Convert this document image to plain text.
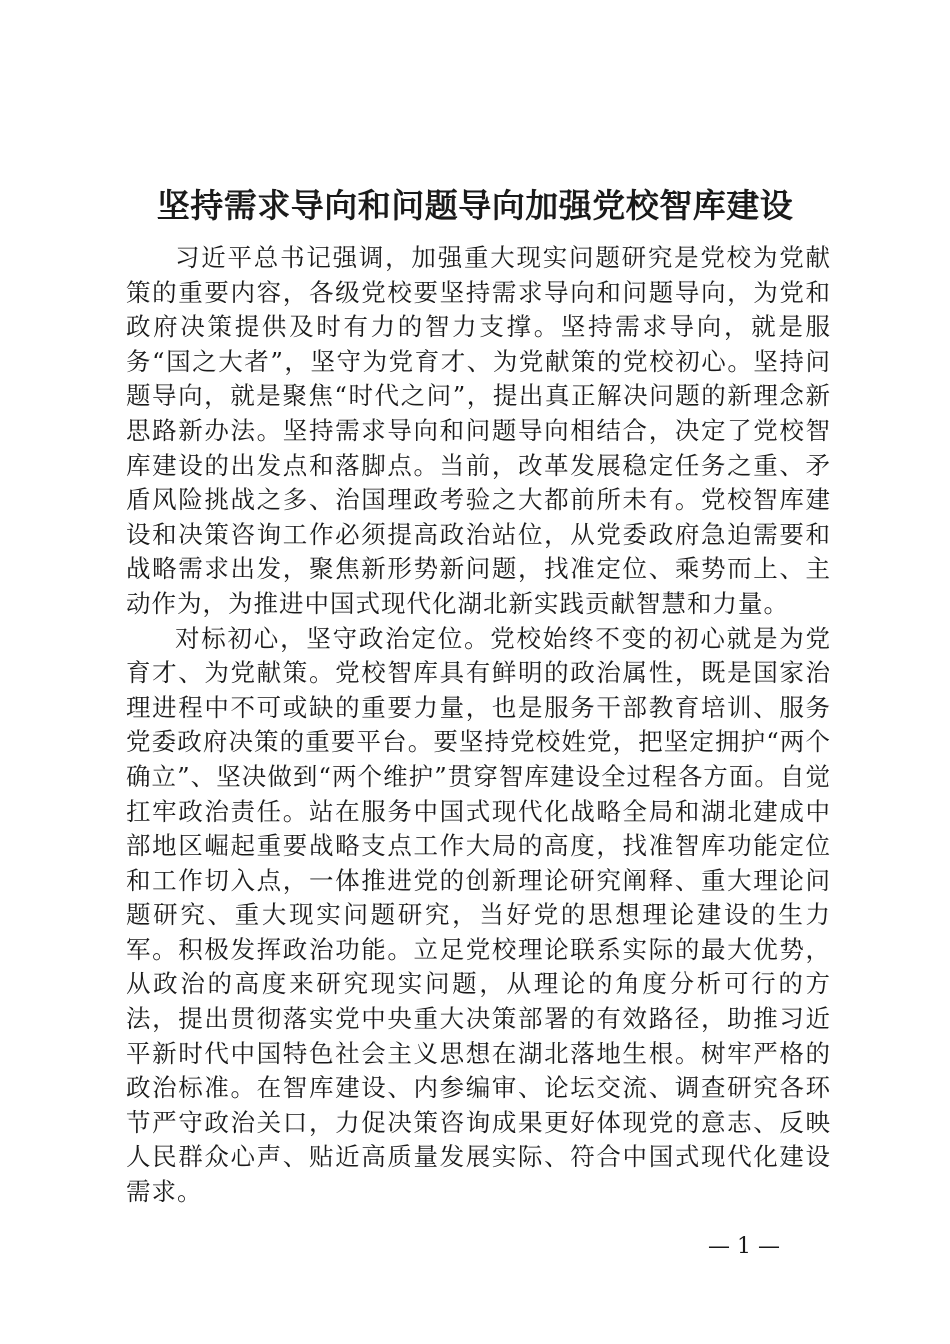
坚持需求导向和问题导向加强党校智库建设

习近平总书记强调，加强重大现实问题研究是党校为党献策的重要内容，各级党校要坚持需求导向和问题导向，为党和政府决策提供及时有力的智力支撑。坚持需求导向，就是服务“国之大者”，坚守为党育才、为党献策的党校初心。坚持问题导向，就是聚焦“时代之问”，提出真正解决问题的新理念新思路新办法。坚持需求导向和问题导向相结合，决定了党校智库建设的出发点和落脚点。当前，改革发展稳定任务之重、矛盾风险挑战之多、治国理政考验之大都前所未有。党校智库建设和决策咨询工作必须提高政治站位，从党委政府急迫需要和战略需求出发，聚焦新形势新问题，找准定位、乘势而上、主动作为，为推进中国式现代化湖北新实践贡献智慧和力量。

对标初心，坚守政治定位。党校始终不变的初心就是为党育才、为党献策。党校智库具有鲜明的政治属性，既是国家治理进程中不可或缺的重要力量，也是服务干部教育培训、服务党委政府决策的重要平台。要坚持党校姓党，把坚定拥护“两个确立”、坚决做到“两个维护”贯穿智库建设全过程各方面。自觉扛牢政治责任。站在服务中国式现代化战略全局和湖北建成中部地区崛起重要战略支点工作大局的高度，找准智库功能定位和工作切入点，一体推进党的创新理论研究阐释、重大理论问题研究、重大现实问题研究，当好党的思想理论建设的生力军。积极发挥政治功能。立足党校理论联系实际的最大优势，从政治的高度来研究现实问题，从理论的角度分析可行的方法，提出贯彻落实党中央重大决策部署的有效路径，助推习近平新时代中国特色社会主义思想在湖北落地生根。树牢严格的政治标准。在智库建设、内参编审、论坛交流、调查研究各环节严守政治关口，力促决策咨询成果更好体现党的意志、反映人民群众心声、贴近高质量发展实际、符合中国式现代化建设需求。

— 1 —
